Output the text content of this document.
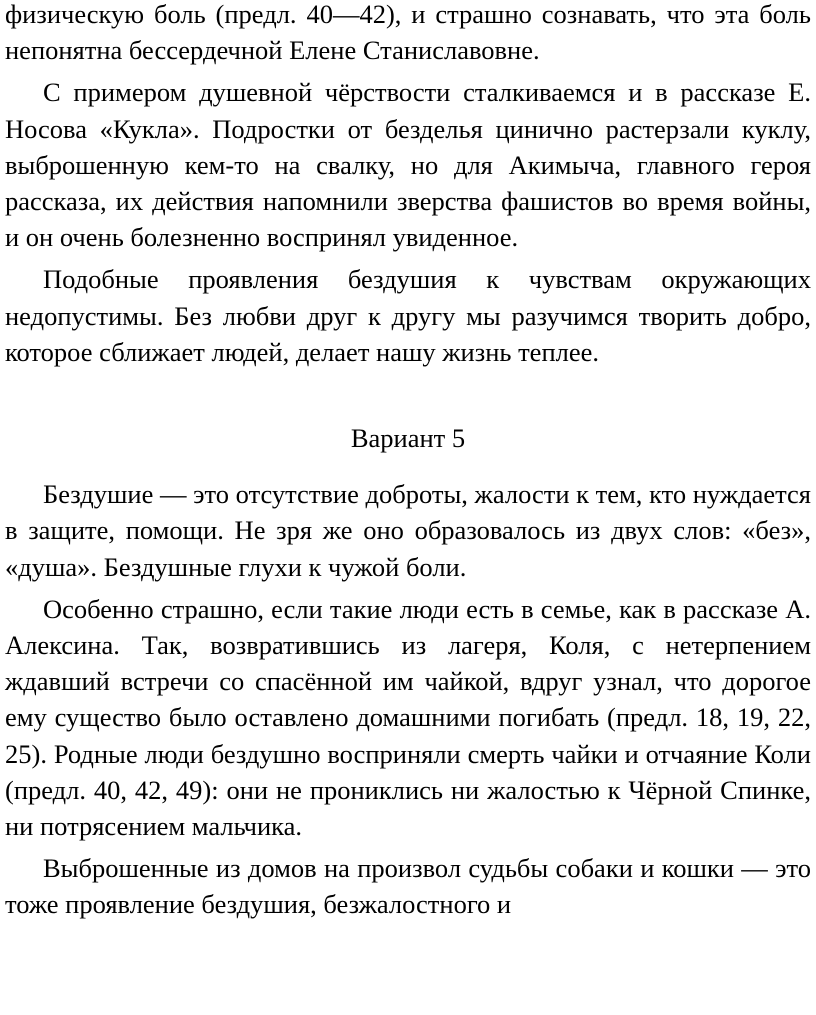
физическую боль (предл. 40—42), и страшно сознавать, что эта боль непонятна бессердечной Елене Станиславовне.

С примером душевной чёрствости сталкиваемся и в рассказе Е. Носова «Кукла». Подростки от безделья цинично растерзали куклу, выброшенную кем-то на свалку, но для Акимыча, главного героя рассказа, их действия напомнили зверства фашистов во время войны, и он очень болезненно воспринял увиденное.

Подобные проявления бездушия к чувствам окружающих недопустимы. Без любви друг к другу мы разучимся творить добро, которое сближает людей, делает нашу жизнь теплее.

Вариант 5

Бездушие — это отсутствие доброты, жалости к тем, кто нуждается в защите, помощи. Не зря же оно образовалось из двух слов: «без», «душа». Бездушные глухи к чужой боли.

Особенно страшно, если такие люди есть в семье, как в рассказе А. Алексина. Так, возвратившись из лагеря, Коля, с нетерпением ждавший встречи со спасённой им чайкой, вдруг узнал, что дорогое ему существо было оставлено домашними погибать (предл. 18, 19, 22, 25). Родные люди бездушно восприняли смерть чайки и отчаяние Коли (предл. 40, 42, 49): они не прониклись ни жалостью к Чёрной Спинке, ни потрясением мальчика.

Выброшенные из домов на произвол судьбы собаки и кошки — это тоже проявление бездушия, безжалостного и
